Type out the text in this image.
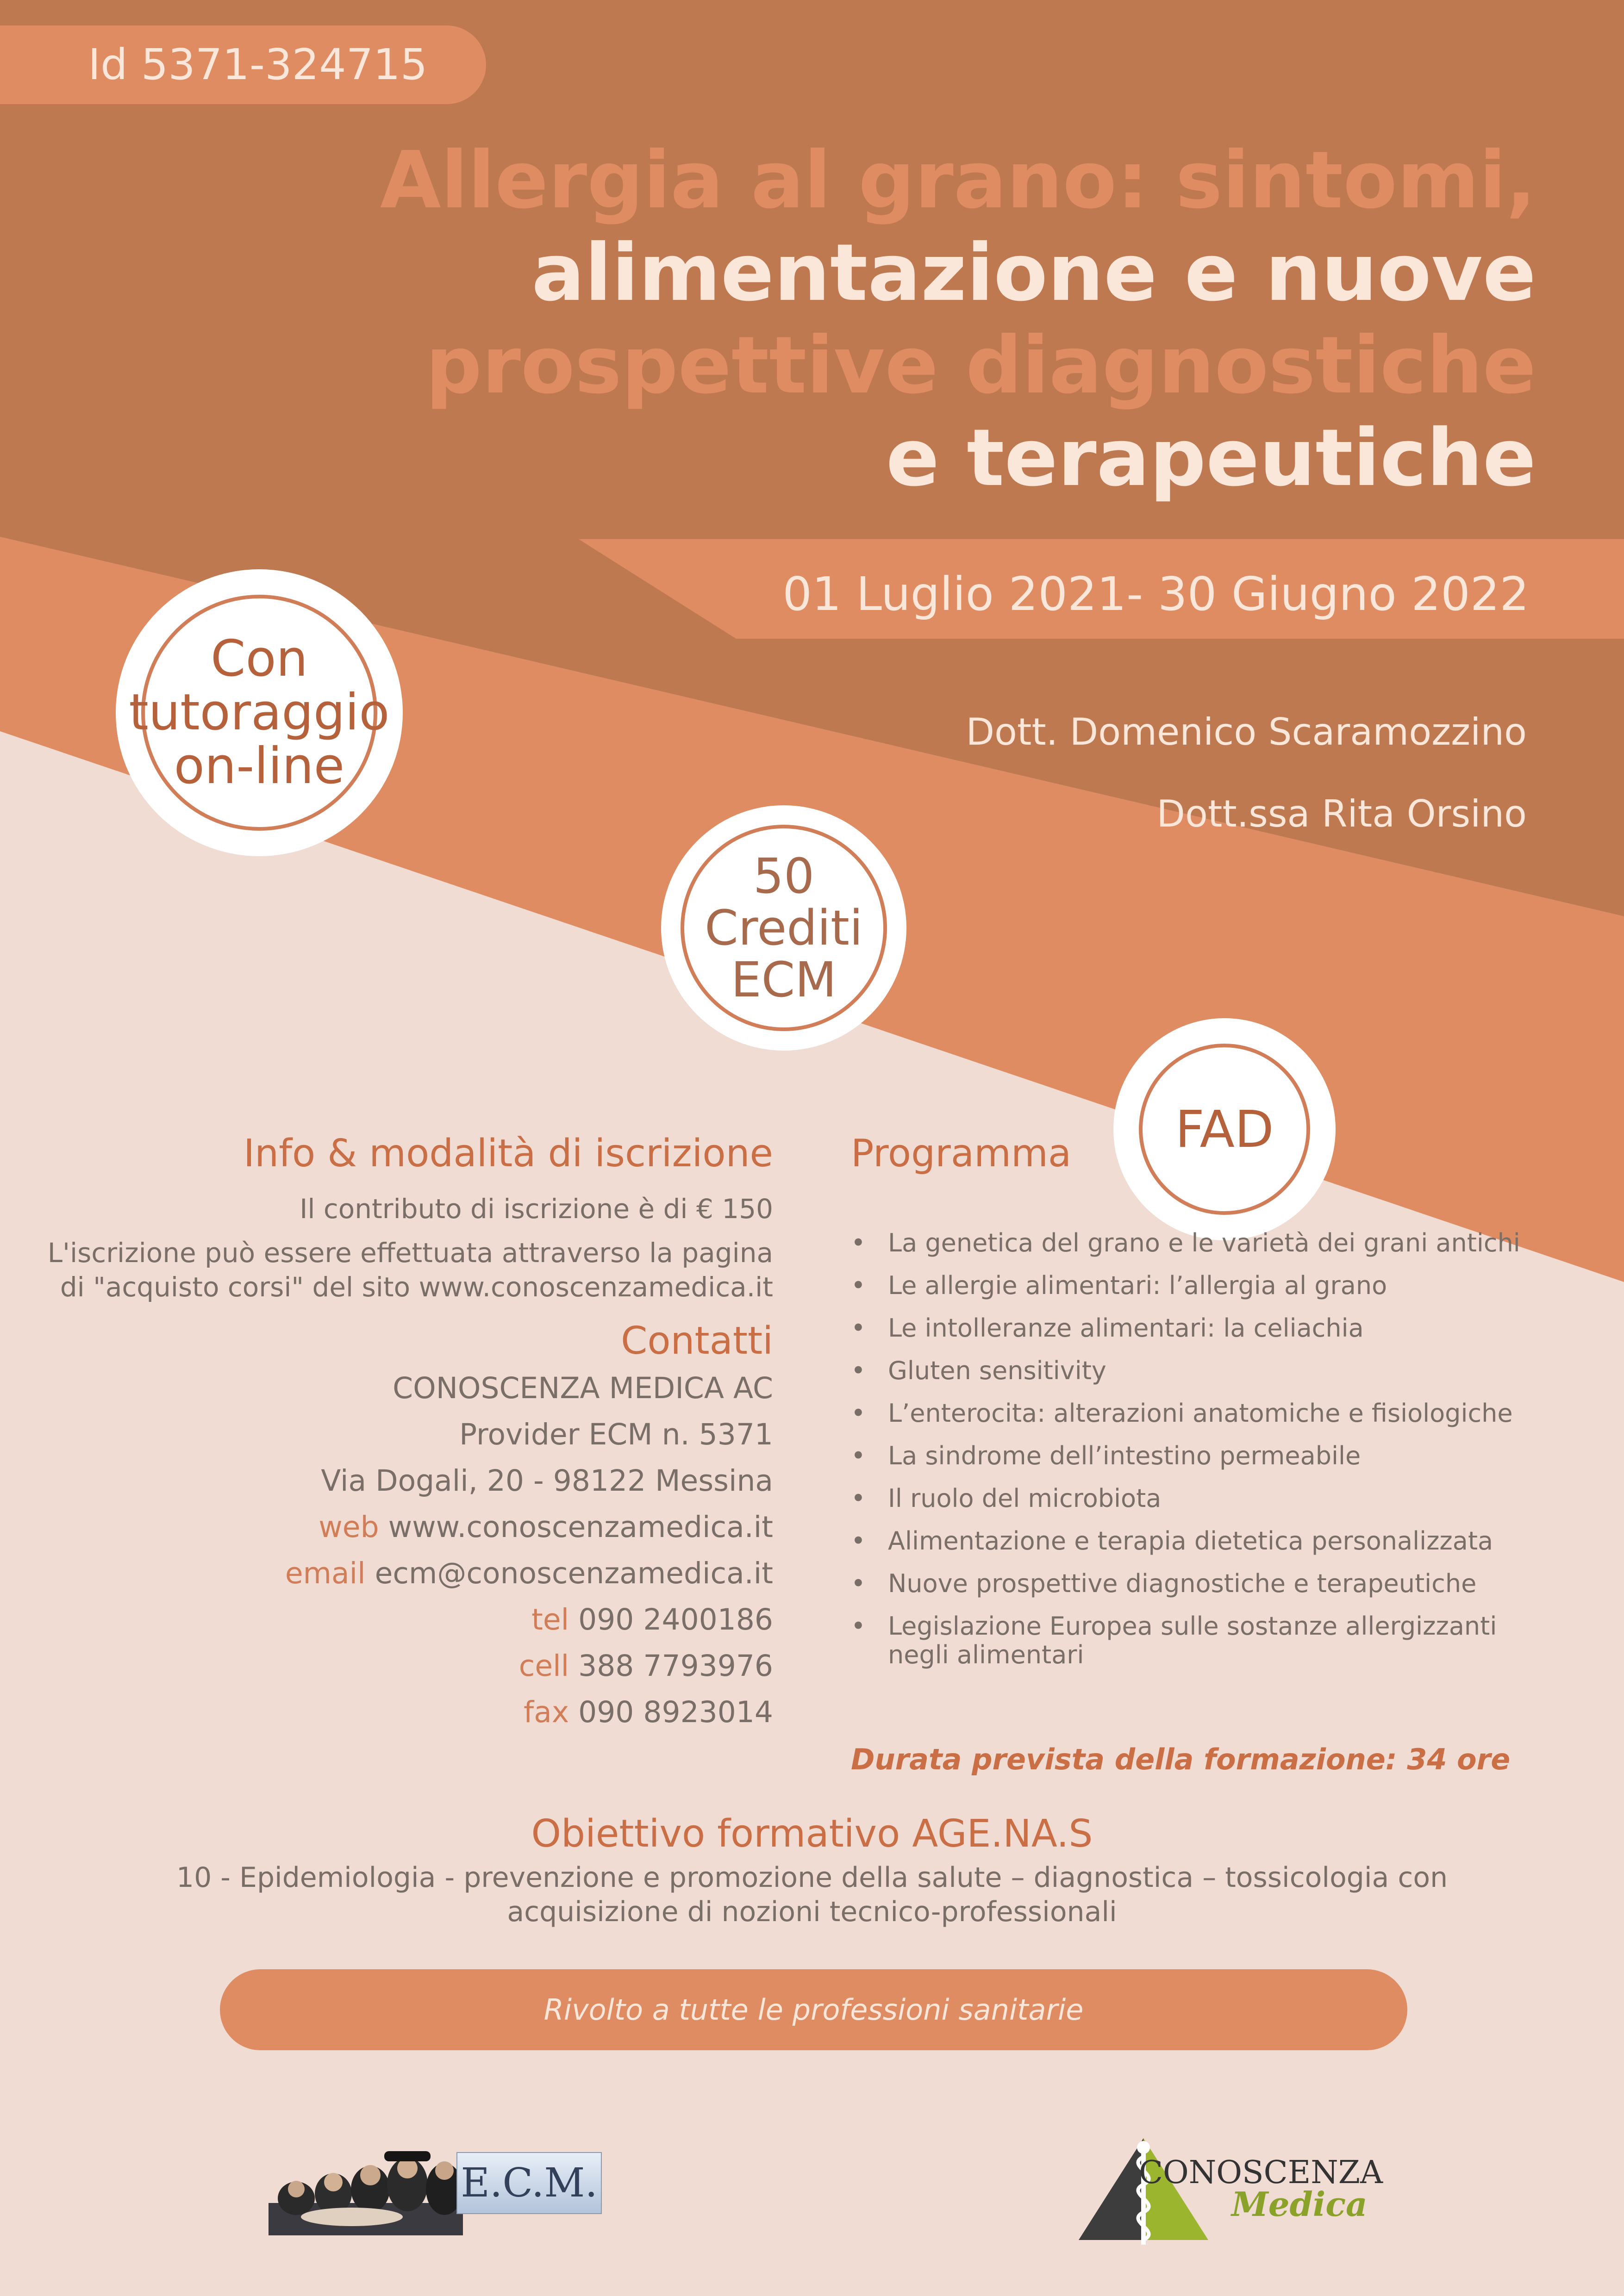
Id 5371-324715
Allergia al grano: sintomi,
alimentazione e nuove
prospettive diagnostiche
e terapeutiche
01 Luglio 2021- 30 Giugno 2022
Dott. Domenico Scaramozzino
Dott.ssa Rita Orsino
Con
tutoraggio
on-line
50
Crediti
ECM
FAD
Info & modalità di iscrizione
Il contributo di iscrizione è di € 150
L'iscrizione può essere effettuata attraverso la pagina
di "acquisto corsi" del sito www.conoscenzamedica.it
Contatti
CONOSCENZA MEDICA AC
Provider ECM n. 5371
Via Dogali, 20 - 98122 Messina
web www.conoscenzamedica.it
email ecm@conoscenzamedica.it
tel 090 2400186
cell 388 7793976
fax 090 8923014
Programma
• La genetica del grano e le varietà dei grani antichi
• Le allergie alimentari: l’allergia al grano
• Le intolleranze alimentari: la celiachia
• Gluten sensitivity
• L’enterocita: alterazioni anatomiche e fisiologiche
• La sindrome dell’intestino permeabile
• Il ruolo del microbiota
• Alimentazione e terapia dietetica personalizzata
• Nuove prospettive diagnostiche e terapeutiche
• Legislazione Europea sulle sostanze allergizzanti negli alimentari
Durata prevista della formazione: 34 ore
Obiettivo formativo AGE.NA.S
10 - Epidemiologia - prevenzione e promozione della salute – diagnostica – tossicologia con acquisizione di nozioni tecnico-professionali
Rivolto a tutte le professioni sanitarie
E.C.M.	CONOSCENZA
Medica
